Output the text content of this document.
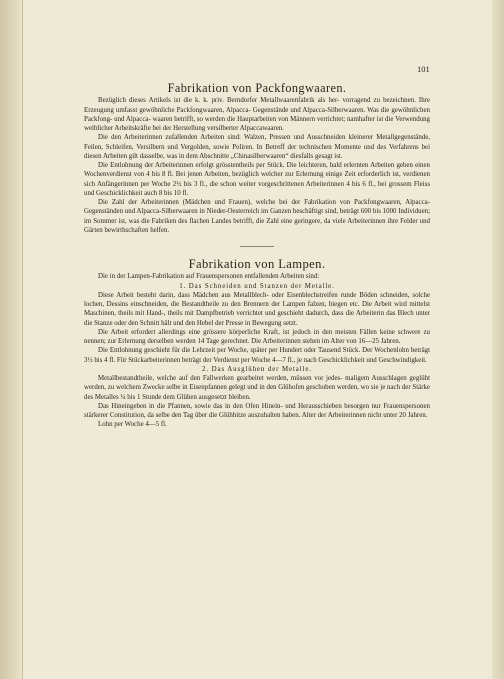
101
Fabrikation von Packfongwaaren.

Bezüglich dieses Artikels ist die k. k. priv. Berndorfer Metallwaarenfabrik als her- vorragend zu bezeichnen. Ihre Erzeugung umfasst gewöhnliche Packfongwaaren, Alpacca- Gegenstände und Alpacca-Silberwaaren. Was die gewöhnlichen Packfong- und Alpacca- waaren betrifft, so werden die Hauptarbeiten von Männern verrichtet; namhafter ist die Verwendung weiblicher Arbeitskräfte bei der Herstellung versilberter Alpaccawaaren.

Die den Arbeiterinnen zufallenden Arbeiten sind: Walzen, Pressen und Ausschneiden kleinerer Metallgegenstände, Feilen, Schleifen, Versilbern und Vergolden, sowie Poliren. In Betreff der technischen Momente und des Verfahrens bei diesen Arbeiten gilt dasselbe, was in dem Abschnitte „Chinasilberwaaren“ diesfalls gesagt ist.

Die Entlohnung der Arbeiterinnen erfolgt grösstentheils per Stück. Die leichteren, bald erlernten Arbeiten geben einen Wochenverdienst von 4 bis 8 fl. Bei jenen Arbeiten, bezüglich welcher zur Erlernung einige Zeit erforderlich ist, verdienen sich Anfängerinnen per Woche 2½ bis 3 fl., die schon weiter vorgeschrittenen Arbeiterinnen 4 bis 6 fl., bei grossem Fleiss und Geschicklichkeit auch 8 bis 10 fl.

Die Zahl der Arbeiterinnen (Mädchen und Frauen), welche bei der Fabrikation von Packfongwaaren, Alpacca-Gegenständen und Alpacca-Silberwaaren in Nieder-Oesterreich im Ganzen beschäftigt sind, beträgt 600 bis 1000 Individuen; im Sommer ist, was die Fabriken des flachen Landes betrifft, die Zahl eine geringere, da viele Arbeiterinnen ihre Felder und Gärten bewirthschaften helfen.

Fabrikation von Lampen.

Die in der Lampen-Fabrikation auf Frauenspersonen entfallenden Arbeiten sind:

1. Das Schneiden und Stanzen der Metalle.

Diese Arbeit besteht darin, dass Mädchen aus Metallblech- oder Eisenblechstreifen runde Böden schneiden, solche lochen, Dessins einschneiden, die Bestandtheile zu den Brennern der Lampen falzen, biegen etc. Die Arbeit wird mittelst Maschinen, theils mit Hand-, theils mit Dampfbetrieb verrichtet und geschieht dadurch, dass die Arbeiterin das Blech unter die Stanze oder den Schnitt hält und den Hebel der Presse in Bewegung setzt.

Die Arbeit erfordert allerdings eine grössere körperliche Kraft, ist jedoch in den meisten Fällen keine schwere zu nennen; zur Erlernung derselben werden 14 Tage gerechnet. Die Arbeiterinnen stehen im Alter von 16—25 Jahren.

Die Entlohnung geschieht für die Lehrzeit per Woche, später per Hundert oder Tausend Stück. Der Wochenlohn beträgt 3½ bis 4 fl. Für Stückarbeiterinnen beträgt der Verdienst per Woche 4—7 fl., je nach Geschicklichkeit und Geschwindigkeit.

2. Das Ausglühen der Metalle.

Metallbestandtheile, welche auf den Fallwerken gearbeitet werden, müssen vor jedes- maligem Ausschlagen geglüht werden, zu welchem Zwecke selbe in Eisenpfannen gelegt und in den Glühofen geschoben werden, wo sie je nach der Stärke des Metalles ¼ bis 1 Stunde dem Glühen ausgesetzt bleiben.

Das Hineingeben in die Pfannen, sowie das in den Ofen Hinein- und Herausschieben besorgen nur Frauenspersonen stärkerer Constitution, da selbe den Tag über die Glühhitze auszuhalten haben. Alter der Arbeiterinnen nicht unter 20 Jahren.

Lohn per Woche 4—5 fl.
